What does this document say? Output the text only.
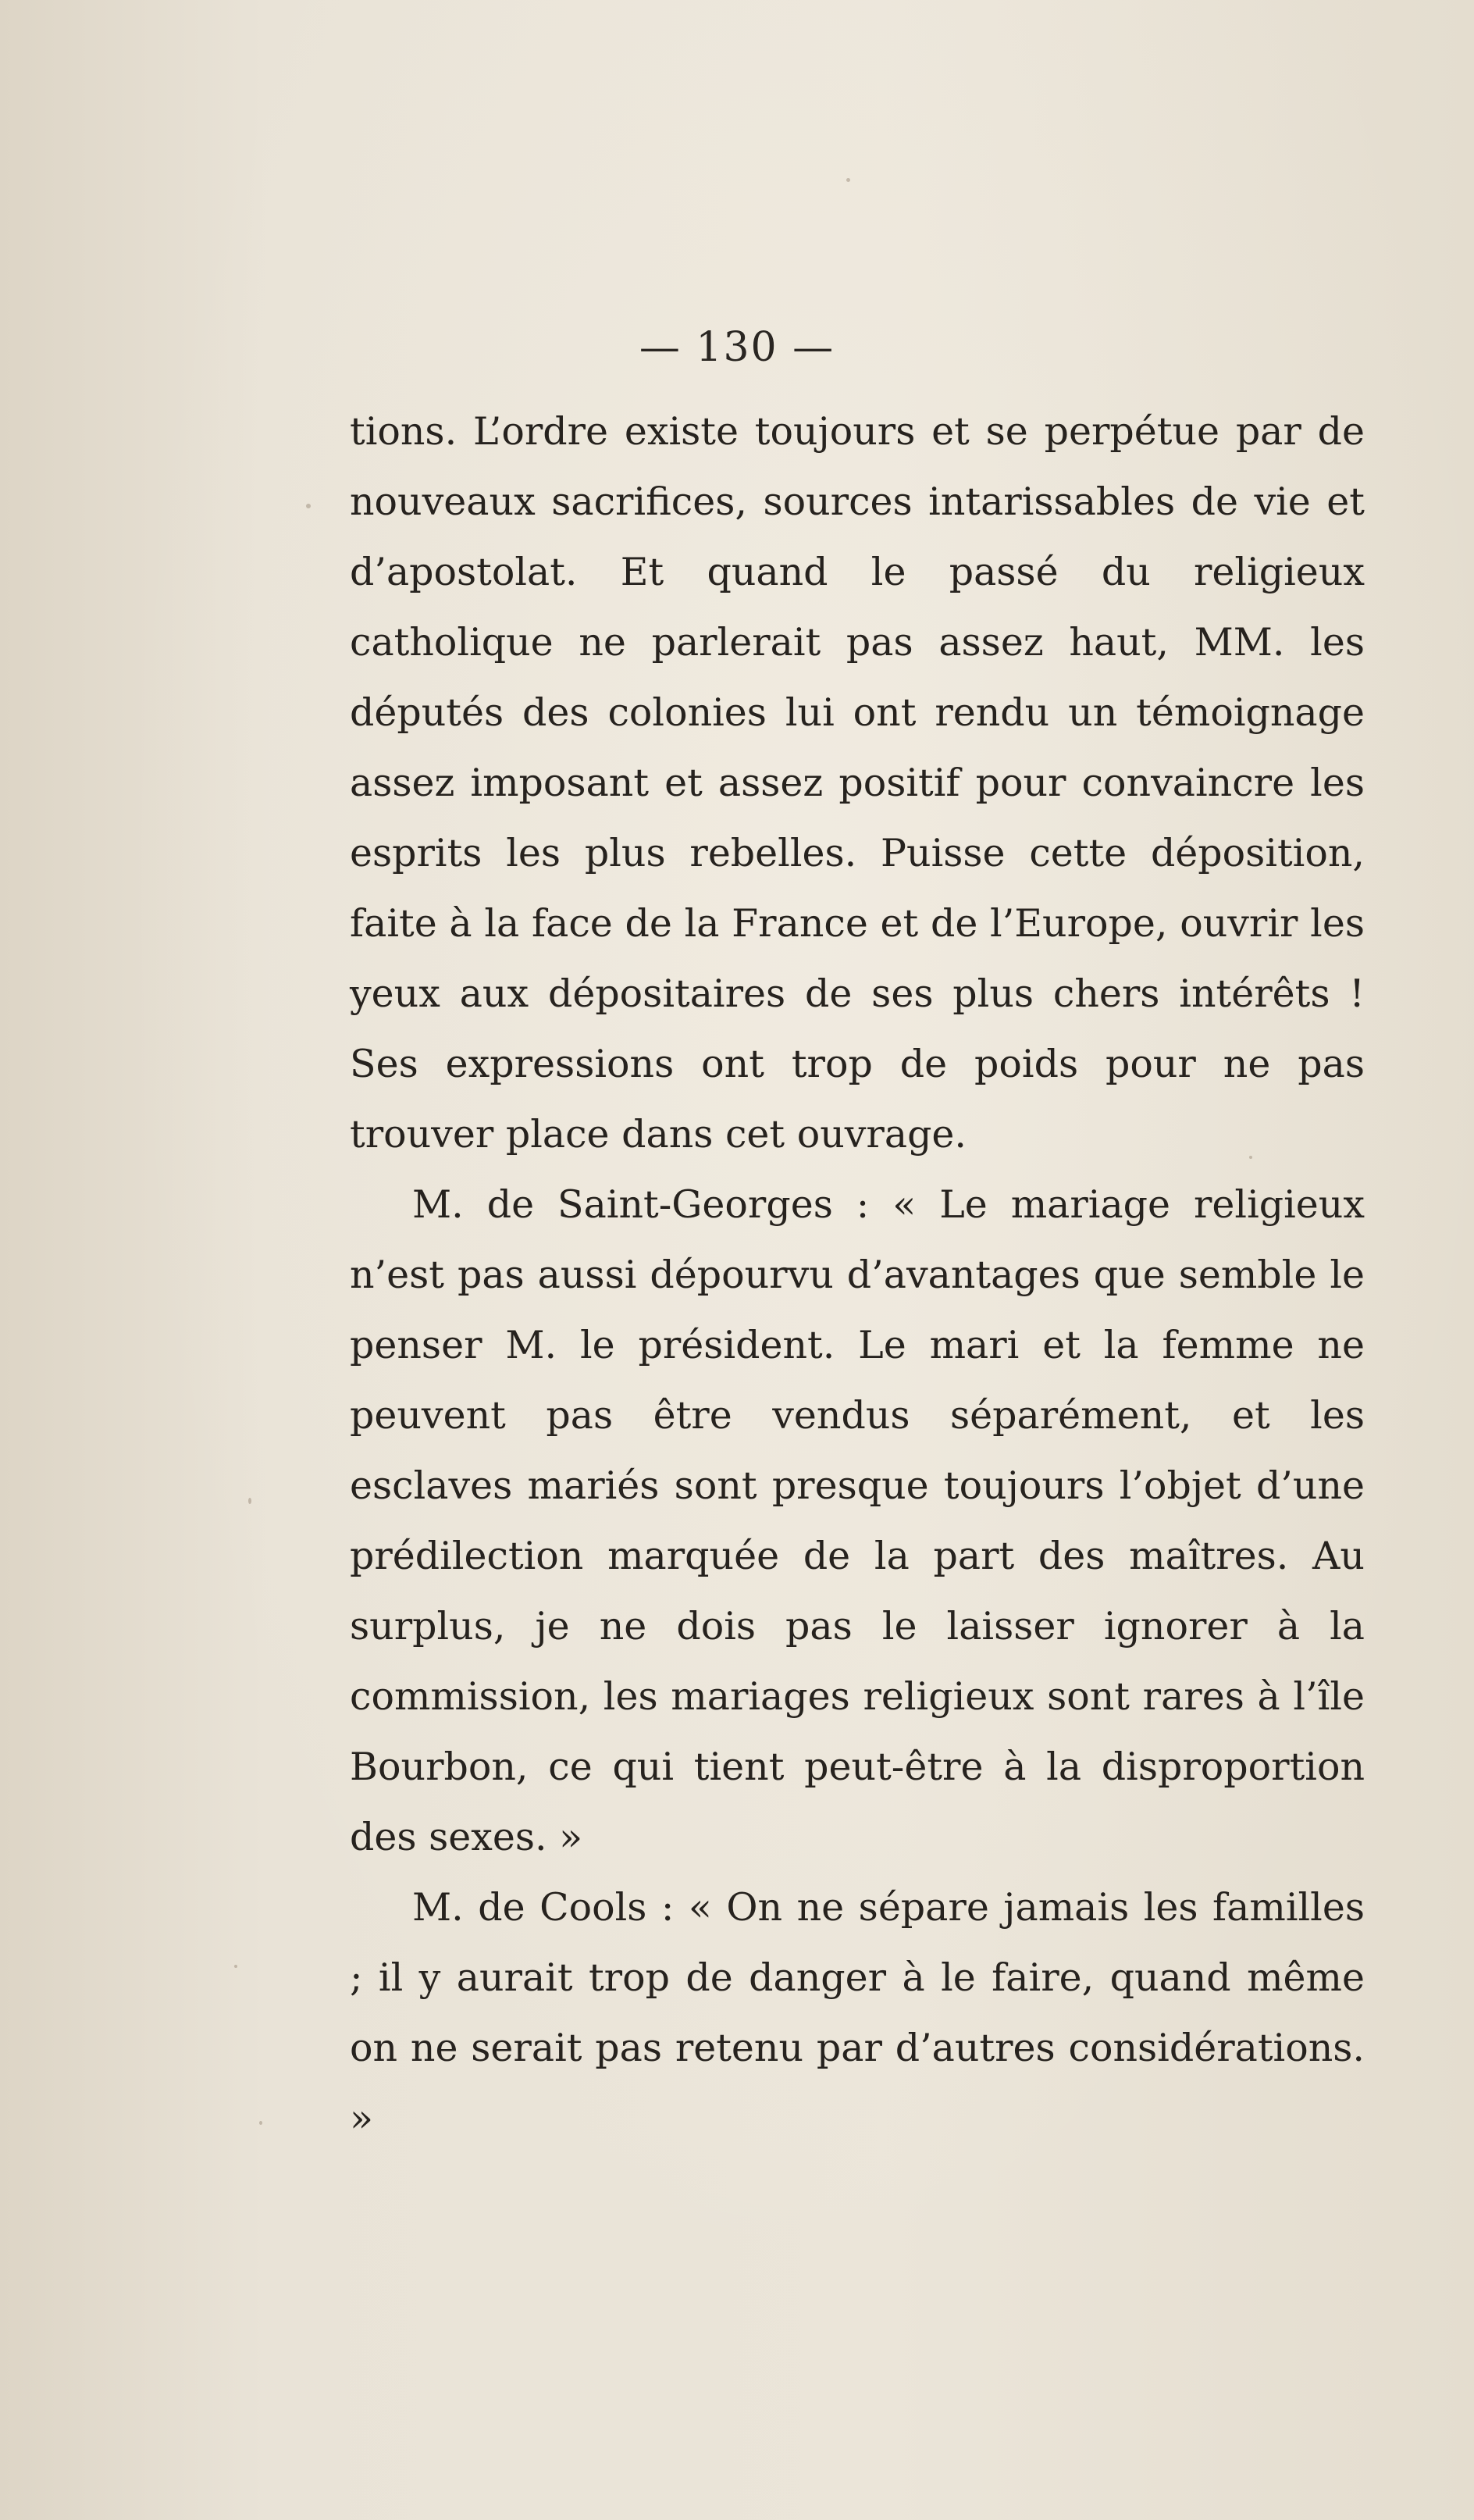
— 130 —

tions. L’ordre existe toujours et se perpétue par de nouveaux sacrifices, sources intarissables de vie et d’apostolat. Et quand le passé du religieux catholique ne parlerait pas assez haut, MM. les députés des colonies lui ont rendu un témoignage assez imposant et assez positif pour convaincre les esprits les plus rebelles. Puisse cette déposition, faite à la face de la France et de l’Europe, ouvrir les yeux aux dépositaires de ses plus chers intérêts ! Ses expressions ont trop de poids pour ne pas trouver place dans cet ouvrage.

M. de Saint-Georges : « Le mariage religieux n’est pas aussi dépourvu d’avantages que semble le penser M. le président. Le mari et la femme ne peuvent pas être vendus séparément, et les esclaves mariés sont presque toujours l’objet d’une prédilection marquée de la part des maîtres. Au surplus, je ne dois pas le laisser ignorer à la commission, les mariages religieux sont rares à l’île Bourbon, ce qui tient peut-être à la disproportion des sexes. »

M. de Cools : « On ne sépare jamais les familles ; il y aurait trop de danger à le faire, quand même on ne serait pas retenu par d’autres considérations. »
